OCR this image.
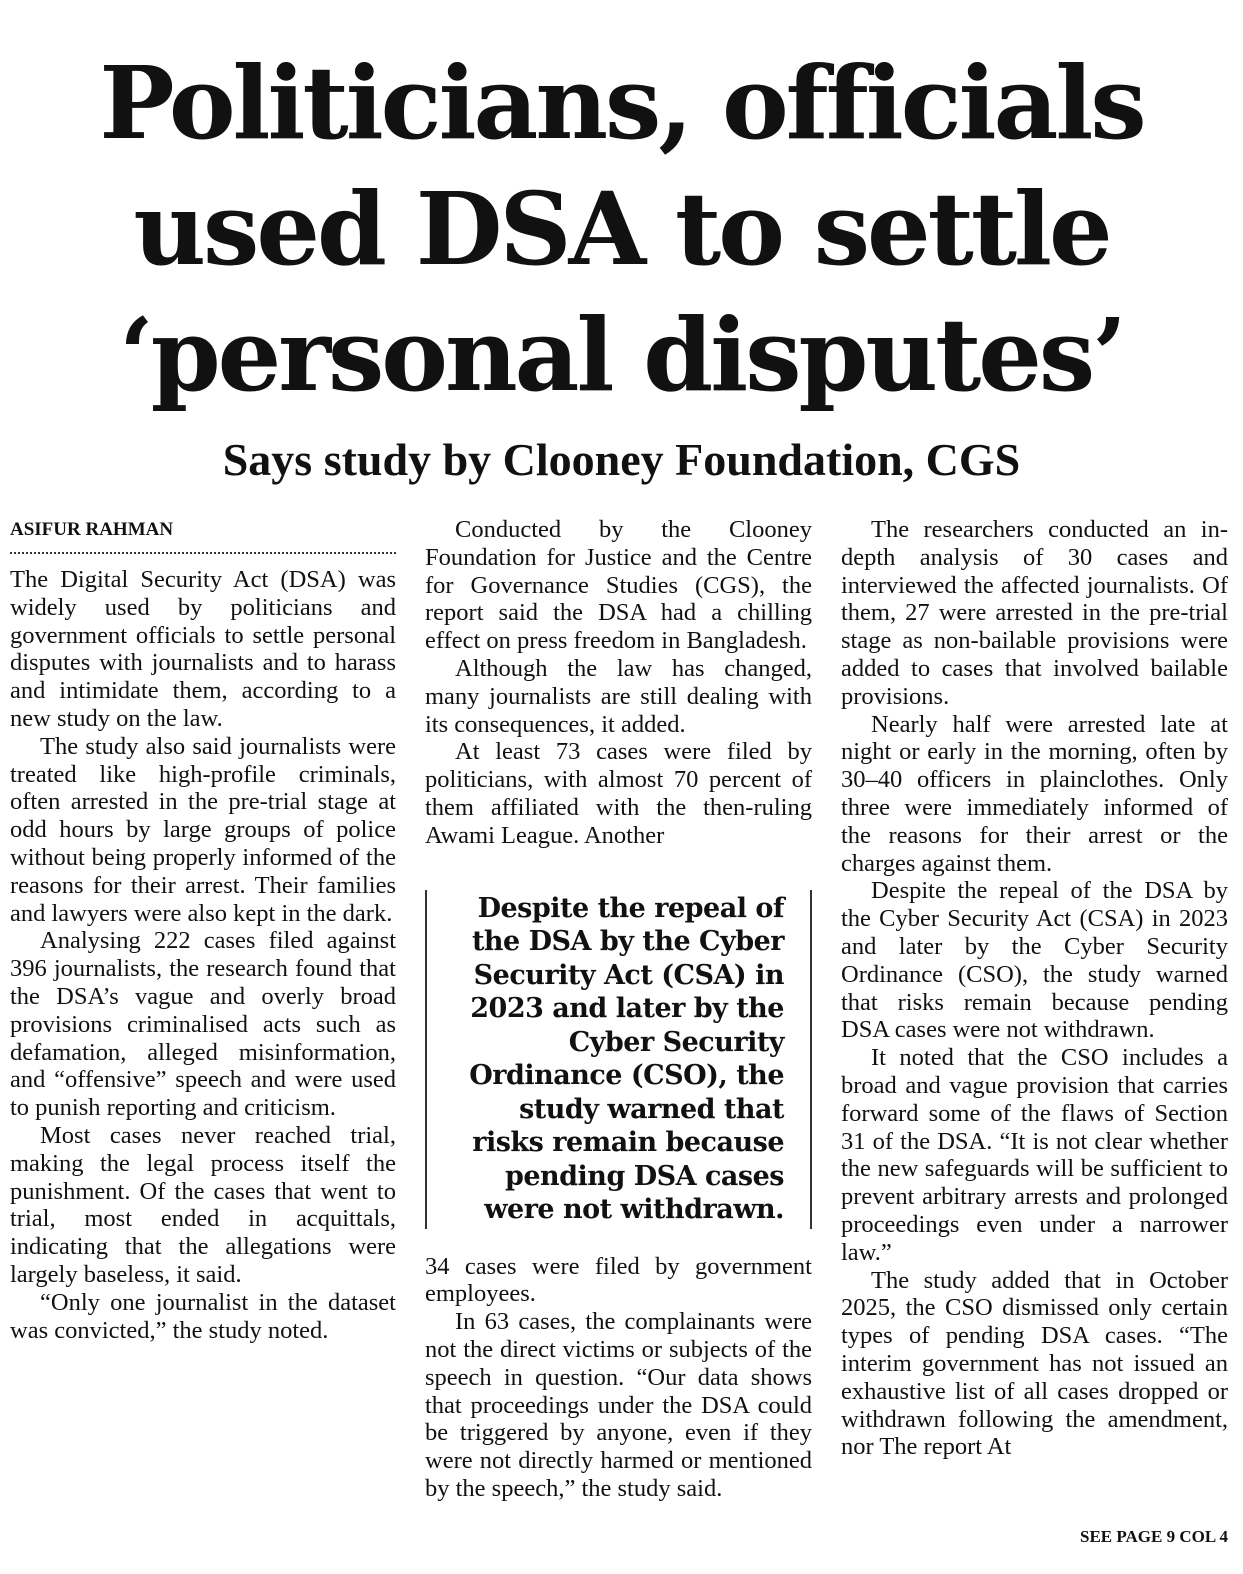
Politicians, officials
used DSA to settle
‘personal disputes’
Says study by Clooney Foundation, CGS
ASIFUR RAHMAN

The Digital Security Act (DSA) was widely used by politicians and government officials to settle personal disputes with journalists and to harass and intimidate them, according to a new study on the law.

The study also said journalists were treated like high-profile criminals, often arrested in the pre-trial stage at odd hours by large groups of police without being properly informed of the reasons for their arrest. Their families and lawyers were also kept in the dark.

Analysing 222 cases filed against 396 journalists, the research found that the DSA’s vague and overly broad provisions criminalised acts such as defamation, alleged misinformation, and “offensive” speech and were used to punish reporting and criticism.

Most cases never reached trial, making the legal process itself the punishment. Of the cases that went to trial, most ended in acquittals, indicating that the allegations were largely baseless, it said.

“Only one journalist in the dataset was convicted,” the study noted.

Conducted by the Clooney Foundation for Justice and the Centre for Governance Studies (CGS), the report said the DSA had a chilling effect on press freedom in Bangladesh.

Although the law has changed, many journalists are still dealing with its consequences, it added.

At least 73 cases were filed by politicians, with almost 70 percent of them affiliated with the then-ruling Awami League. Another

Despite the repeal of the DSA by the Cyber Security Act (CSA) in 2023 and later by the Cyber Security Ordinance (CSO), the study warned that risks remain because pending DSA cases were not withdrawn.

34 cases were filed by government employees.

In 63 cases, the complainants were not the direct victims or subjects of the speech in question. “Our data shows that proceedings under the DSA could be triggered by anyone, even if they were not directly harmed or mentioned by the speech,” the study said.

The researchers conducted an in-depth analysis of 30 cases and interviewed the affected journalists. Of them, 27 were arrested in the pre-trial stage as non-bailable provisions were added to cases that involved bailable provisions.

Nearly half were arrested late at night or early in the morning, often by 30–40 officers in plainclothes. Only three were immediately informed of the reasons for their arrest or the charges against them.

Despite the repeal of the DSA by the Cyber Security Act (CSA) in 2023 and later by the Cyber Security Ordinance (CSO), the study warned that risks remain because pending DSA cases were not withdrawn.

It noted that the CSO includes a broad and vague provision that carries forward some of the flaws of Section 31 of the DSA. “It is not clear whether the new safeguards will be sufficient to prevent arbitrary arrests and prolonged proceedings even under a narrower law.”

The study added that in October 2025, the CSO dismissed only certain types of pending DSA cases. “The interim government has not issued an exhaustive list of all cases dropped or withdrawn following the amendment, nor The report At

SEE PAGE 9 COL 4
